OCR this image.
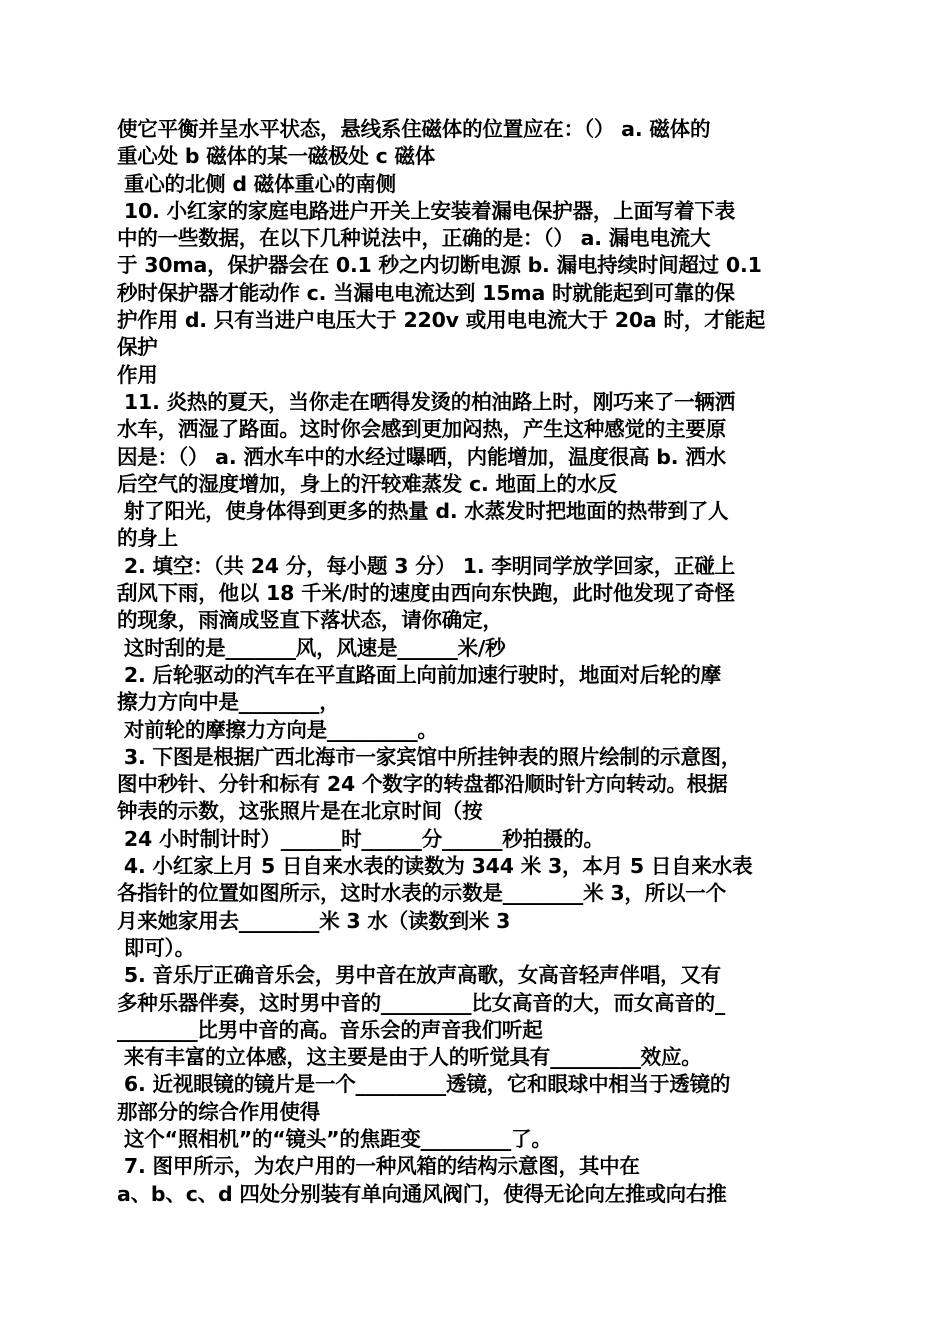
使它平衡并呈水平状态，悬线系住磁体的位置应在：（） a. 磁体的
重心处 b 磁体的某一磁极处 c 磁体
重心的北侧 d 磁体重心的南侧
10. 小红家的家庭电路进户开关上安装着漏电保护器，上面写着下表
中的一些数据，在以下几种说法中，正确的是：（） a. 漏电电流大
于 30ma，保护器会在 0.1 秒之内切断电源 b. 漏电持续时间超过 0.1
秒时保护器才能动作 c. 当漏电电流达到 15ma 时就能起到可靠的保
护作用 d. 只有当进户电压大于 220v 或用电电流大于 20a 时，才能起
保护
作用
11. 炎热的夏天，当你走在晒得发烫的柏油路上时，刚巧来了一辆洒
水车，洒湿了路面。这时你会感到更加闷热，产生这种感觉的主要原
因是：（） a. 洒水车中的水经过曝晒，内能增加，温度很高 b. 洒水
后空气的湿度增加，身上的汗较难蒸发 c. 地面上的水反
射了阳光，使身体得到更多的热量 d. 水蒸发时把地面的热带到了人
的身上
2. 填空：（共 24 分，每小题 3 分） 1. 李明同学放学回家，正碰上
刮风下雨，他以 18 千米/时的速度由西向东快跑，此时他发现了奇怪
的现象，雨滴成竖直下落状态，请你确定，
这时刮的是_______风，风速是______米/秒
2. 后轮驱动的汽车在平直路面上向前加速行驶时，地面对后轮的摩
擦力方向中是________，
对前轮的摩擦力方向是_________。
3. 下图是根据广西北海市一家宾馆中所挂钟表的照片绘制的示意图，
图中秒针、分针和标有 24 个数字的转盘都沿顺时针方向转动。根据
钟表的示数，这张照片是在北京时间（按
24 小时制计时）______时______分______秒拍摄的。
4. 小红家上月 5 日自来水表的读数为 344 米 3，本月 5 日自来水表
各指针的位置如图所示，这时水表的示数是________米 3，所以一个
月来她家用去________米 3 水（读数到米 3
即可）。
5. 音乐厅正确音乐会，男中音在放声高歌，女高音轻声伴唱，又有
多种乐器伴奏，这时男中音的_________比女高音的大，而女高音的_
________比男中音的高。音乐会的声音我们听起
来有丰富的立体感，这主要是由于人的听觉具有_________效应。
6. 近视眼镜的镜片是一个_________透镜，它和眼球中相当于透镜的
那部分的综合作用使得
这个“照相机”的“镜头”的焦距变_________了。
7. 图甲所示，为农户用的一种风箱的结构示意图，其中在
a、b、c、d 四处分别装有单向通风阀门，使得无论向左推或向右推
